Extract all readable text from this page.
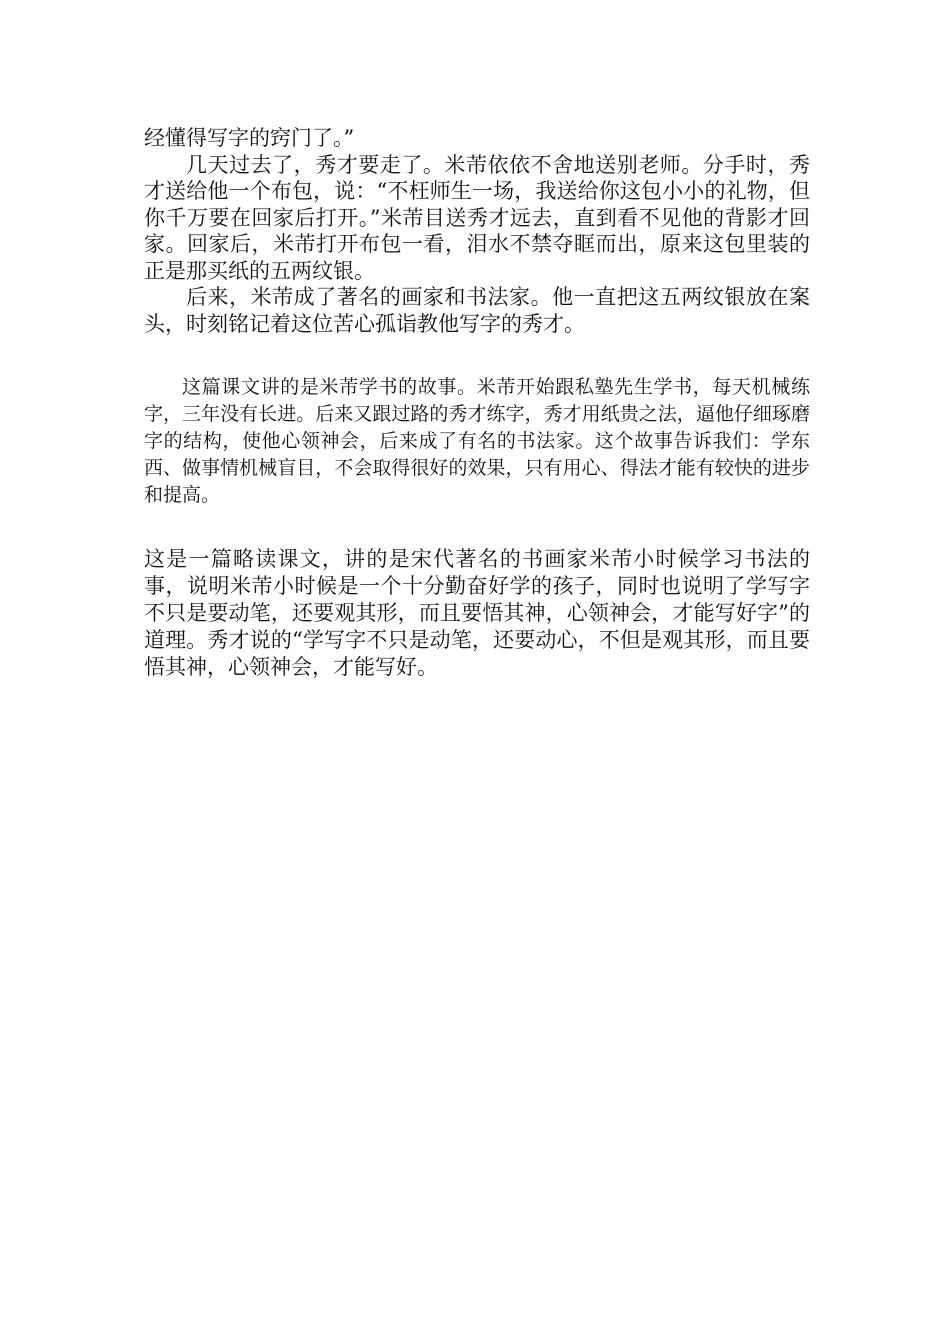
经懂得写字的窍门了。”

几天过去了，秀才要走了。米芾依依不舍地送别老师。分手时，秀才送给他一个布包，说：“不枉师生一场，我送给你这包小小的礼物，但你千万要在回家后打开。”米芾目送秀才远去，直到看不见他的背影才回家。回家后，米芾打开布包一看，泪水不禁夺眶而出，原来这包里装的正是那买纸的五两纹银。

后来，米芾成了著名的画家和书法家。他一直把这五两纹银放在案头，时刻铭记着这位苦心孤诣教他写字的秀才。

这篇课文讲的是米芾学书的故事。米芾开始跟私塾先生学书，每天机械练字，三年没有长进。后来又跟过路的秀才练字，秀才用纸贵之法，逼他仔细琢磨字的结构，使他心领神会，后来成了有名的书法家。这个故事告诉我们：学东西、做事情机械盲目，不会取得很好的效果，只有用心、得法才能有较快的进步和提高。

这是一篇略读课文，讲的是宋代著名的书画家米芾小时候学习书法的事，说明米芾小时候是一个十分勤奋好学的孩子，同时也说明了学写字不只是要动笔，还要观其形，而且要悟其神，心领神会，才能写好字”的道理。秀才说的“学写字不只是动笔，还要动心，不但是观其形，而且要悟其神，心领神会，才能写好。
